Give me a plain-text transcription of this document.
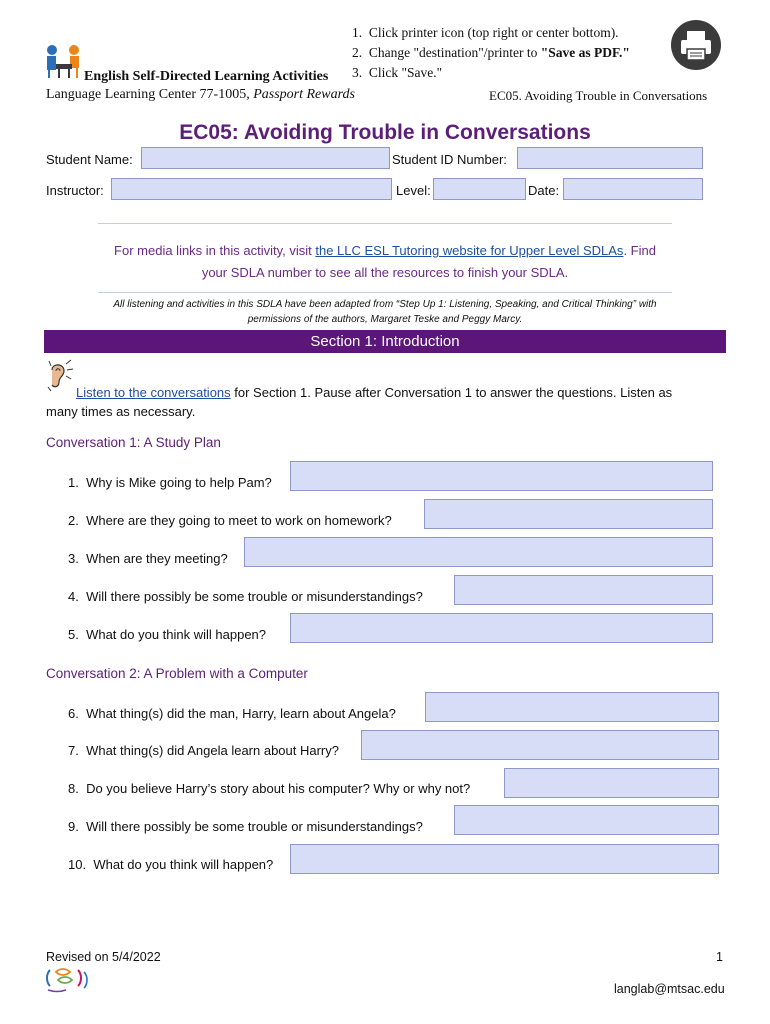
1.  Click printer icon (top right or center bottom).
2.  Change "destination"/printer to "Save as PDF."
3.  Click "Save."
English Self-Directed Learning Activities
Language Learning Center 77-1005, Passport Rewards	EC05. Avoiding Trouble in Conversations
EC05: Avoiding Trouble in Conversations
Student Name:	Student ID Number:
Instructor:	Level:	Date:
For media links in this activity, visit the LLC ESL Tutoring website for Upper Level SDLAs. Find
your SDLA number to see all the resources to finish your SDLA.
All listening and activities in this SDLA have been adapted from “Step Up 1: Listening, Speaking, and Critical Thinking” with
permissions of the authors, Margaret Teske and Peggy Marcy.
Section 1: Introduction
Listen to the conversations for Section 1. Pause after Conversation 1 to answer the questions. Listen as
many times as necessary.
Conversation 1: A Study Plan
1. Why is Mike going to help Pam?
2. Where are they going to meet to work on homework?
3. When are they meeting?
4. Will there possibly be some trouble or misunderstandings?
5. What do you think will happen?
Conversation 2: A Problem with a Computer
6. What thing(s) did the man, Harry, learn about Angela?
7. What thing(s) did Angela learn about Harry?
8. Do you believe Harry’s story about his computer? Why or why not?
9. Will there possibly be some trouble or misunderstandings?
10. What do you think will happen?
Revised on 5/4/2022	1
langlab@mtsac.edu
